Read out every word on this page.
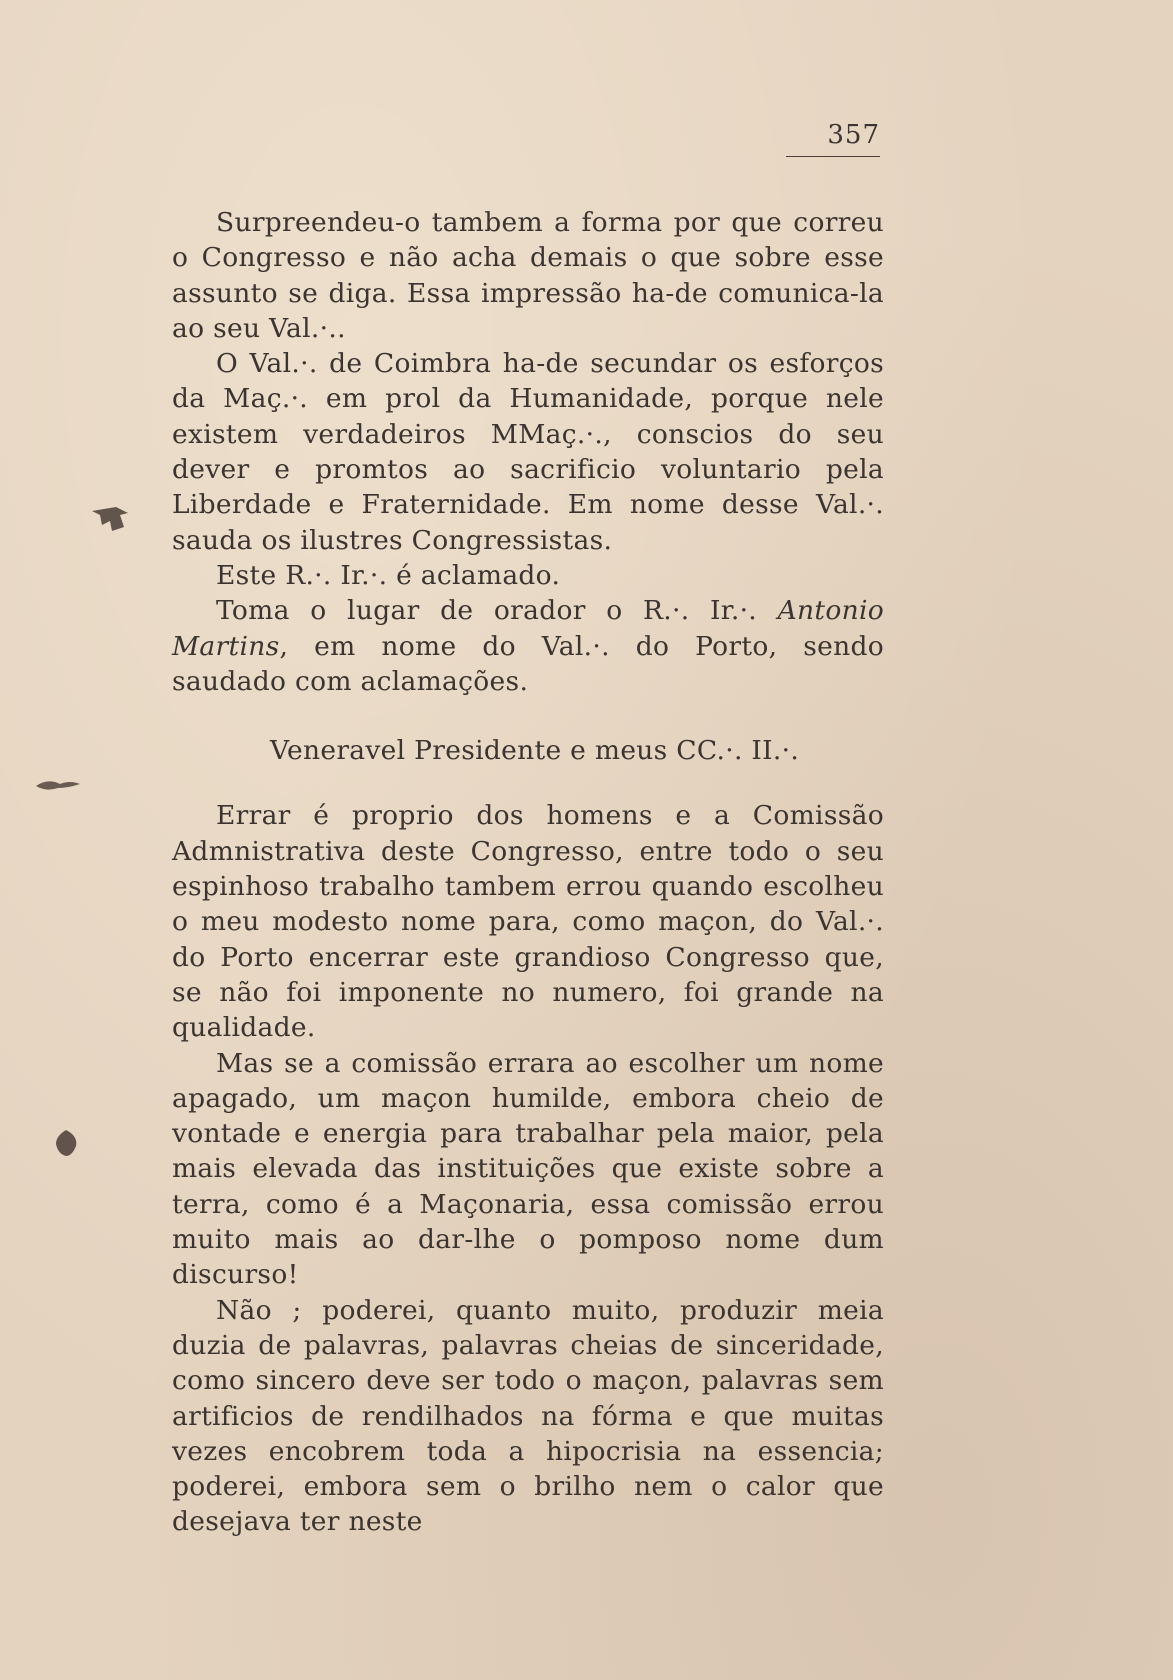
357

Surpreendeu-o tambem a forma por que correu o Congresso e não acha demais o que sobre esse assunto se diga. Essa impressão ha-de comunica-la ao seu Val.·..

O Val.·. de Coimbra ha-de secundar os esforços da Maç.·. em prol da Humanidade, porque nele existem verdadeiros MMaç.·., conscios do seu dever e promtos ao sacrificio voluntario pela Liberdade e Fraternidade. Em nome desse Val.·. sauda os ilustres Congressistas.

Este R.·. Ir.·. é aclamado.

Toma o lugar de orador o R.·. Ir.·. Antonio Martins, em nome do Val.·. do Porto, sendo saudado com aclamações.

Veneravel Presidente e meus CC.·. II.·.

Errar é proprio dos homens e a Comissão Admnistrativa deste Congresso, entre todo o seu espinhoso trabalho tambem errou quando escolheu o meu modesto nome para, como maçon, do Val.·. do Porto encerrar este grandioso Congresso que, se não foi imponente no numero, foi grande na qualidade.

Mas se a comissão errara ao escolher um nome apagado, um maçon humilde, embora cheio de vontade e energia para trabalhar pela maior, pela mais elevada das instituições que existe sobre a terra, como é a Maçonaria, essa comissão errou muito mais ao dar-lhe o pomposo nome dum discurso!

Não ; poderei, quanto muito, produzir meia duzia de palavras, palavras cheias de sinceridade, como sincero deve ser todo o maçon, palavras sem artificios de rendilhados na fórma e que muitas vezes encobrem toda a hipocrisia na essencia; poderei, embora sem o brilho nem o calor que desejava ter neste
